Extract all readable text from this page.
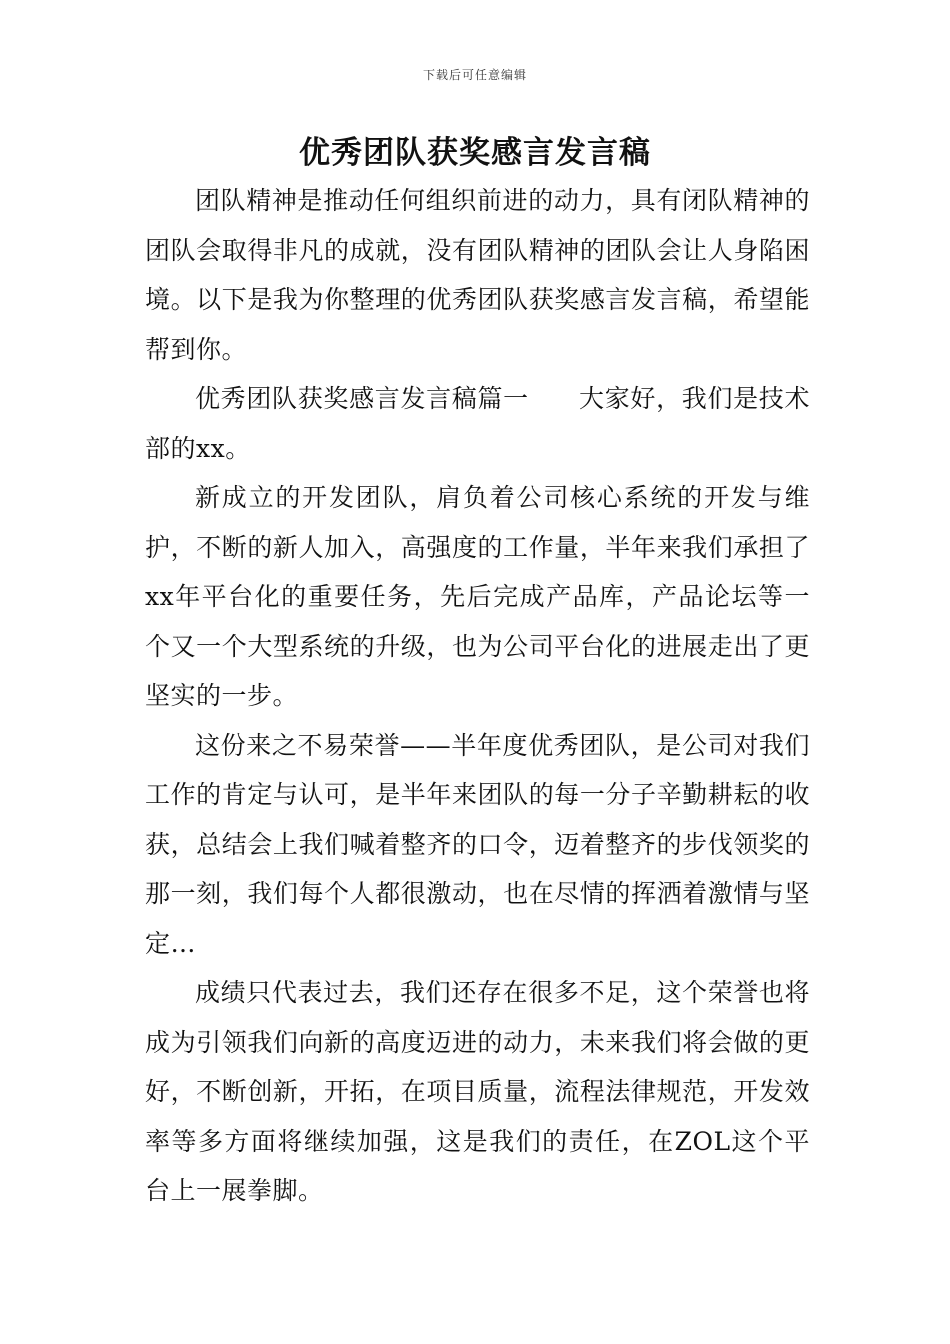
下载后可任意编辑
优秀团队获奖感言发言稿

团队精神是推动任何组织前进的动力，具有闭队精神的团队会取得非凡的成就，没有团队精神的团队会让人身陷困境。以下是我为你整理的优秀团队获奖感言发言稿，希望能帮到你。

优秀团队获奖感言发言稿篇一 大家好，我们是技术部的xx。

新成立的开发团队，肩负着公司核心系统的开发与维护，不断的新人加入，高强度的工作量，半年来我们承担了xx年平台化的重要任务，先后完成产品库，产品论坛等一个又一个大型系统的升级，也为公司平台化的进展走出了更坚实的一步。

这份来之不易荣誉——半年度优秀团队，是公司对我们工作的肯定与认可，是半年来团队的每一分子辛勤耕耘的收获，总结会上我们喊着整齐的口令，迈着整齐的步伐领奖的那一刻，我们每个人都很激动，也在尽情的挥洒着激情与坚定…

成绩只代表过去，我们还存在很多不足，这个荣誉也将成为引领我们向新的高度迈进的动力，未来我们将会做的更好，不断创新，开拓，在项目质量，流程法律规范，开发效率等多方面将继续加强，这是我们的责任，在ZOL这个平台上一展拳脚。
